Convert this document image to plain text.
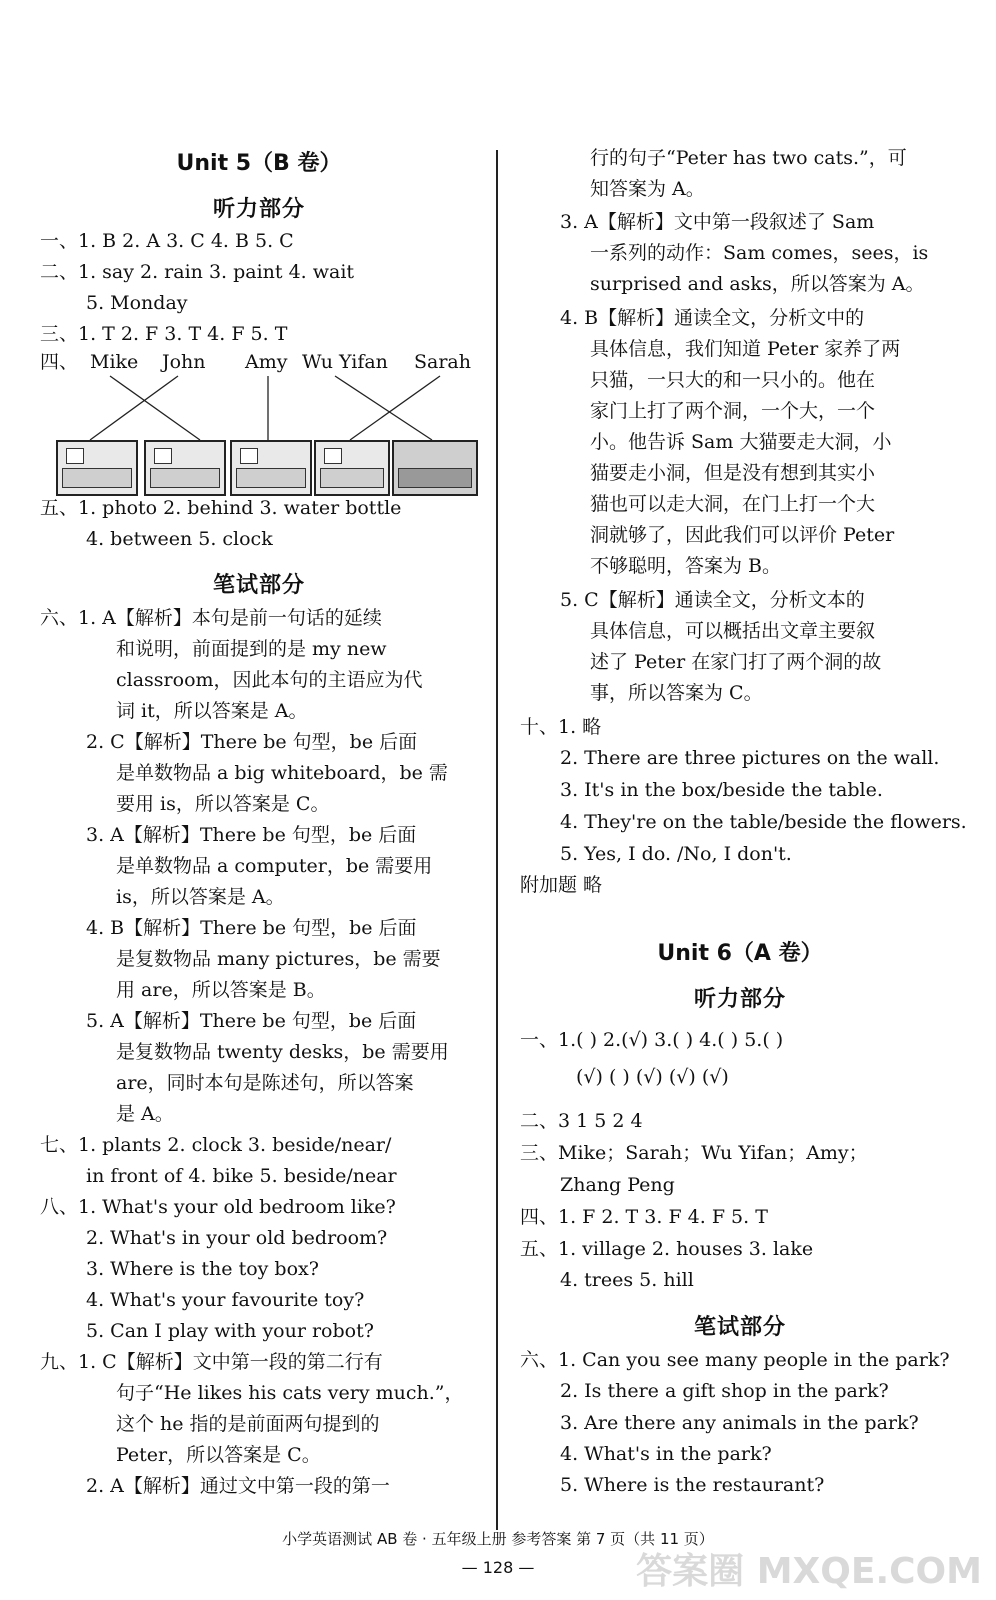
Unit 5（B 卷）
听力部分
一、1. B 2. A 3. C 4. B 5. C
二、1. say 2. rain 3. paint 4. wait
5. Monday
三、1. T 2. F 3. T 4. F 5. T
四、 Mike John Amy Wu Yifan Sarah
五、1. photo 2. behind 3. water bottle
4. between 5. clock
笔试部分
六、1. A【解析】本句是前一句话的延续
和说明，前面提到的是 my new
classroom，因此本句的主语应为代
词 it，所以答案是 A。
2. C【解析】There be 句型，be 后面
是单数物品 a big whiteboard，be 需
要用 is，所以答案是 C。
3. A【解析】There be 句型，be 后面
是单数物品 a computer，be 需要用
is，所以答案是 A。
4. B【解析】There be 句型，be 后面
是复数物品 many pictures，be 需要
用 are，所以答案是 B。
5. A【解析】There be 句型，be 后面
是复数物品 twenty desks，be 需要用
are，同时本句是陈述句，所以答案
是 A。
七、1. plants 2. clock 3. beside/near/
in front of 4. bike 5. beside/near
八、1. What's your old bedroom like?
2. What's in your old bedroom?
3. Where is the toy box?
4. What's your favourite toy?
5. Can I play with your robot?
九、1. C【解析】文中第一段的第二行有
句子“He likes his cats very much.”，
这个 he 指的是前面两句提到的
Peter，所以答案是 C。
2. A【解析】通过文中第一段的第一
行的句子“Peter has two cats.”，可
知答案为 A。
3. A【解析】文中第一段叙述了 Sam
一系列的动作：Sam comes，sees，is
surprised and asks，所以答案为 A。
4. B【解析】通读全文，分析文中的
具体信息，我们知道 Peter 家养了两
只猫，一只大的和一只小的。他在
家门上打了两个洞，一个大，一个
小。他告诉 Sam 大猫要走大洞，小
猫要走小洞，但是没有想到其实小
猫也可以走大洞，在门上打一个大
洞就够了，因此我们可以评价 Peter
不够聪明，答案为 B。
5. C【解析】通读全文，分析文本的
具体信息，可以概括出文章主要叙
述了 Peter 在家门打了两个洞的故
事，所以答案为 C。
十、1. 略
2. There are three pictures on the wall.
3. It's in the box/beside the table.
4. They're on the table/beside the flowers.
5. Yes, I do. /No, I don't.
附加题 略
Unit 6（A 卷）
听力部分
一、1.( ) 2.(√) 3.( ) 4.( ) 5.( )
(√) ( ) (√) (√) (√)
二、3 1 5 2 4
三、Mike；Sarah；Wu Yifan；Amy；
Zhang Peng
四、1. F 2. T 3. F 4. F 5. T
五、1. village 2. houses 3. lake
4. trees 5. hill
笔试部分
六、1. Can you see many people in the park?
2. Is there a gift shop in the park?
3. Are there any animals in the park?
4. What's in the park?
5. Where is the restaurant?
小学英语测试 AB 卷 · 五年级上册 参考答案 第 7 页（共 11 页）
— 128 —	答案圈 MXQE.COM
